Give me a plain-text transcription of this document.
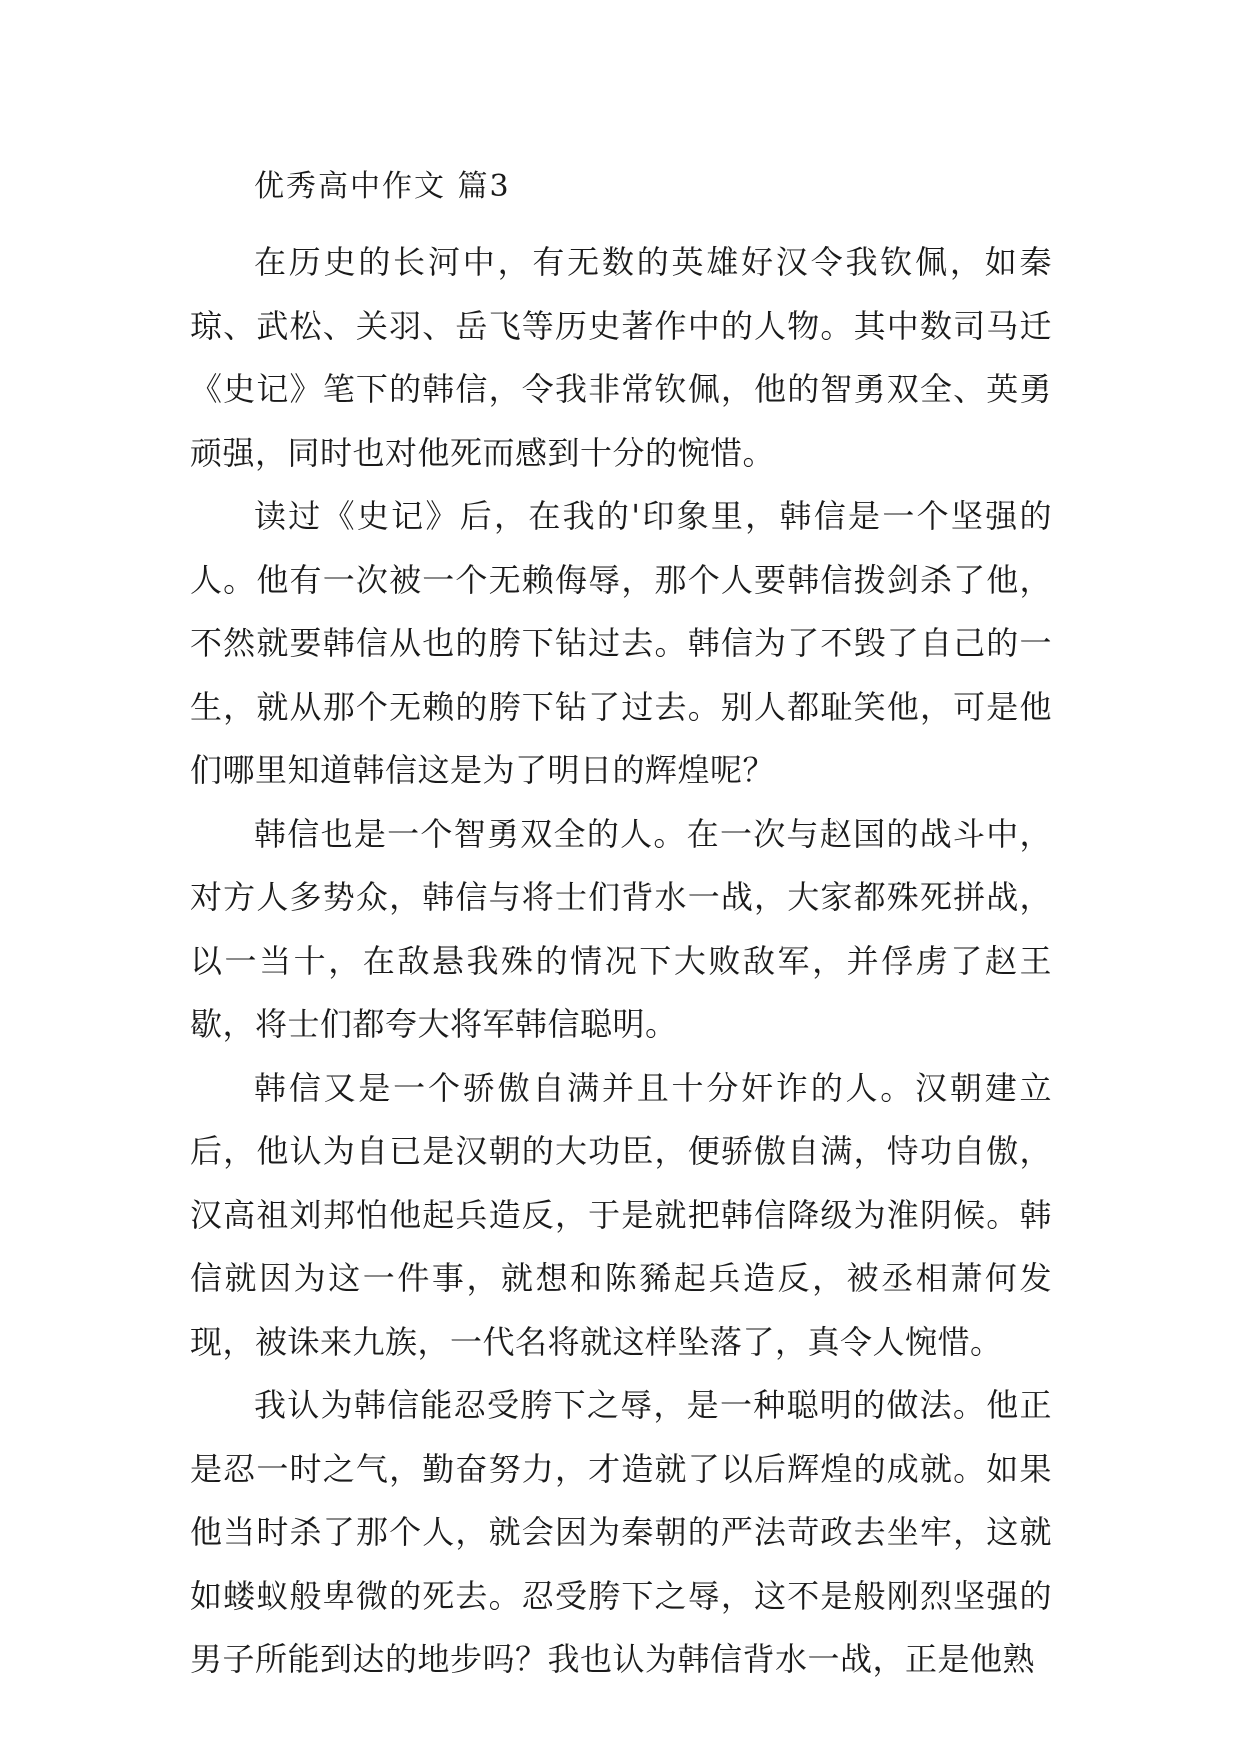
优秀高中作文 篇3

在历史的长河中，有无数的英雄好汉令我钦佩，如秦琼、武松、关羽、岳飞等历史著作中的人物。其中数司马迁《史记》笔下的韩信，令我非常钦佩，他的智勇双全、英勇顽强，同时也对他死而感到十分的惋惜。

读过《史记》后，在我的'印象里，韩信是一个坚强的人。他有一次被一个无赖侮辱，那个人要韩信拨剑杀了他，不然就要韩信从也的胯下钻过去。韩信为了不毁了自己的一生，就从那个无赖的胯下钻了过去。别人都耻笑他，可是他们哪里知道韩信这是为了明日的辉煌呢？

韩信也是一个智勇双全的人。在一次与赵国的战斗中，对方人多势众，韩信与将士们背水一战，大家都殊死拼战，以一当十，在敌悬我殊的情况下大败敌军，并俘虏了赵王歇，将士们都夸大将军韩信聪明。

韩信又是一个骄傲自满并且十分奸诈的人。汉朝建立后，他认为自已是汉朝的大功臣，便骄傲自满，恃功自傲，汉高祖刘邦怕他起兵造反，于是就把韩信降级为淮阴候。韩信就因为这一件事，就想和陈豨起兵造反，被丞相萧何发现，被诛来九族，一代名将就这样坠落了，真令人惋惜。

我认为韩信能忍受胯下之辱，是一种聪明的做法。他正是忍一时之气，勤奋努力，才造就了以后辉煌的成就。如果他当时杀了那个人，就会因为秦朝的严法苛政去坐牢，这就如蝼蚁般卑微的死去。忍受胯下之辱，这不是般刚烈坚强的男子所能到达的地步吗？我也认为韩信背水一战，正是他熟
